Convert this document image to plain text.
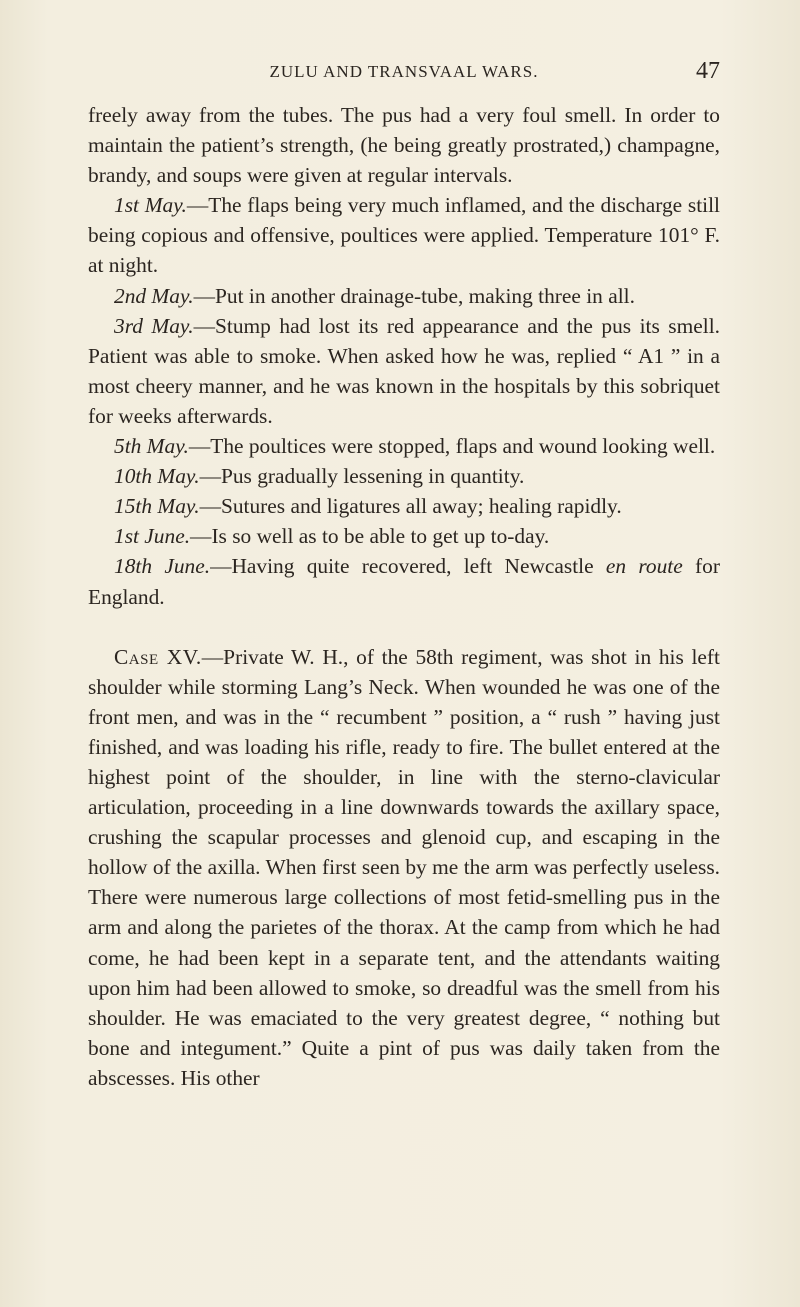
ZULU AND TRANSVAAL WARS.	47

freely away from the tubes. The pus had a very foul smell. In order to maintain the patient’s strength, (he being greatly prostrated,) champagne, brandy, and soups were given at regular intervals.

1st May.—The flaps being very much inflamed, and the discharge still being copious and offensive, poultices were applied. Temperature 101° F. at night.

2nd May.—Put in another drainage-tube, making three in all.

3rd May.—Stump had lost its red appearance and the pus its smell. Patient was able to smoke. When asked how he was, replied “ A1 ” in a most cheery manner, and he was known in the hospitals by this sobriquet for weeks afterwards.

5th May.—The poultices were stopped, flaps and wound looking well.

10th May.—Pus gradually lessening in quantity.

15th May.—Sutures and ligatures all away; healing rapidly.

1st June.—Is so well as to be able to get up to-day.

18th June.—Having quite recovered, left Newcastle en route for England.

Case XV.—Private W. H., of the 58th regiment, was shot in his left shoulder while storming Lang’s Neck. When wounded he was one of the front men, and was in the “ recumbent ” position, a “ rush ” having just finished, and was loading his rifle, ready to fire. The bullet entered at the highest point of the shoulder, in line with the sterno-clavicular articulation, proceeding in a line downwards towards the axillary space, crushing the scapular processes and glenoid cup, and escaping in the hollow of the axilla. When first seen by me the arm was perfectly useless. There were numerous large collections of most fetid-smelling pus in the arm and along the parietes of the thorax. At the camp from which he had come, he had been kept in a separate tent, and the attendants waiting upon him had been allowed to smoke, so dreadful was the smell from his shoulder. He was emaciated to the very greatest degree, “ nothing but bone and integument.” Quite a pint of pus was daily taken from the abscesses. His other
